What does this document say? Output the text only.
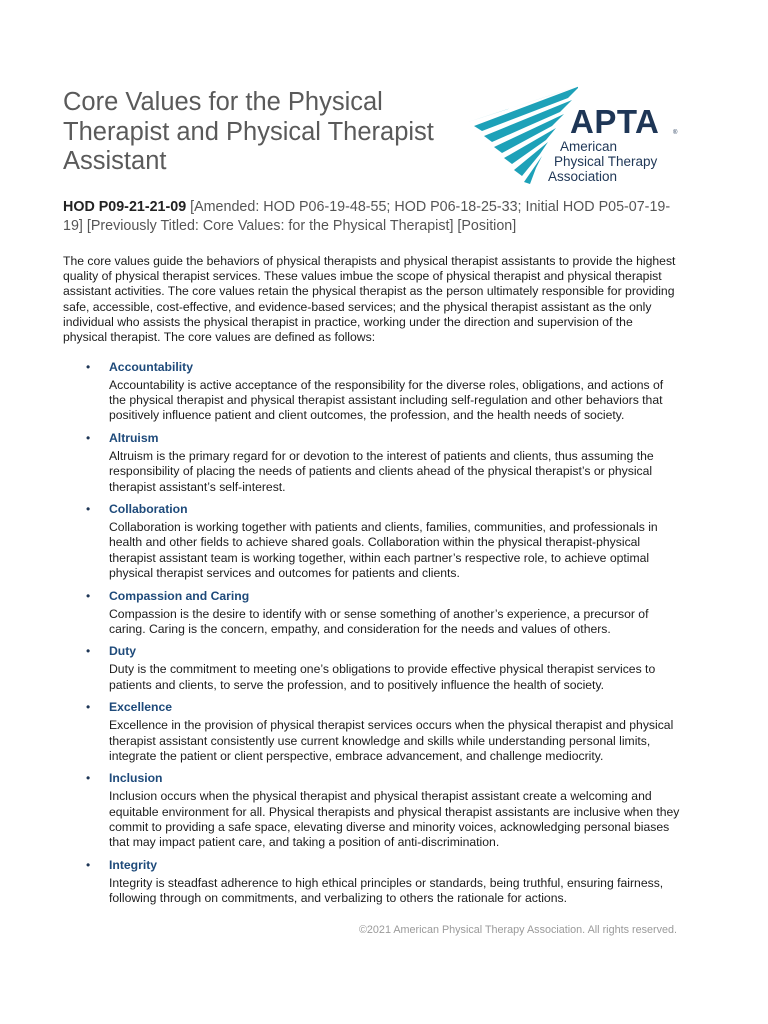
Core Values for the Physical Therapist and Physical Therapist Assistant
APTA ®
American
Physical Therapy
Association

HOD P09-21-21-09 [Amended: HOD P06-19-48-55; HOD P06-18-25-33; Initial HOD P05-07-19-19] [Previously Titled: Core Values: for the Physical Therapist] [Position]

The core values guide the behaviors of physical therapists and physical therapist assistants to provide the highest quality of physical therapist services. These values imbue the scope of physical therapist and physical therapist assistant activities. The core values retain the physical therapist as the person ultimately responsible for providing safe, accessible, cost-effective, and evidence-based services; and the physical therapist assistant as the only individual who assists the physical therapist in practice, working under the direction and supervision of the physical therapist. The core values are defined as follows:

• Accountability
Accountability is active acceptance of the responsibility for the diverse roles, obligations, and actions of the physical therapist and physical therapist assistant including self-regulation and other behaviors that positively influence patient and client outcomes, the profession, and the health needs of society.
• Altruism
Altruism is the primary regard for or devotion to the interest of patients and clients, thus assuming the responsibility of placing the needs of patients and clients ahead of the physical therapist’s or physical therapist assistant’s self-interest.
• Collaboration
Collaboration is working together with patients and clients, families, communities, and professionals in health and other fields to achieve shared goals. Collaboration within the physical therapist-physical therapist assistant team is working together, within each partner’s respective role, to achieve optimal physical therapist services and outcomes for patients and clients.
• Compassion and Caring
Compassion is the desire to identify with or sense something of another’s experience, a precursor of caring. Caring is the concern, empathy, and consideration for the needs and values of others.
• Duty
Duty is the commitment to meeting one’s obligations to provide effective physical therapist services to patients and clients, to serve the profession, and to positively influence the health of society.
• Excellence
Excellence in the provision of physical therapist services occurs when the physical therapist and physical therapist assistant consistently use current knowledge and skills while understanding personal limits, integrate the patient or client perspective, embrace advancement, and challenge mediocrity.
• Inclusion
Inclusion occurs when the physical therapist and physical therapist assistant create a welcoming and equitable environment for all. Physical therapists and physical therapist assistants are inclusive when they commit to providing a safe space, elevating diverse and minority voices, acknowledging personal biases that may impact patient care, and taking a position of anti-discrimination.
• Integrity
Integrity is steadfast adherence to high ethical principles or standards, being truthful, ensuring fairness, following through on commitments, and verbalizing to others the rationale for actions.
©2021 American Physical Therapy Association. All rights reserved.
